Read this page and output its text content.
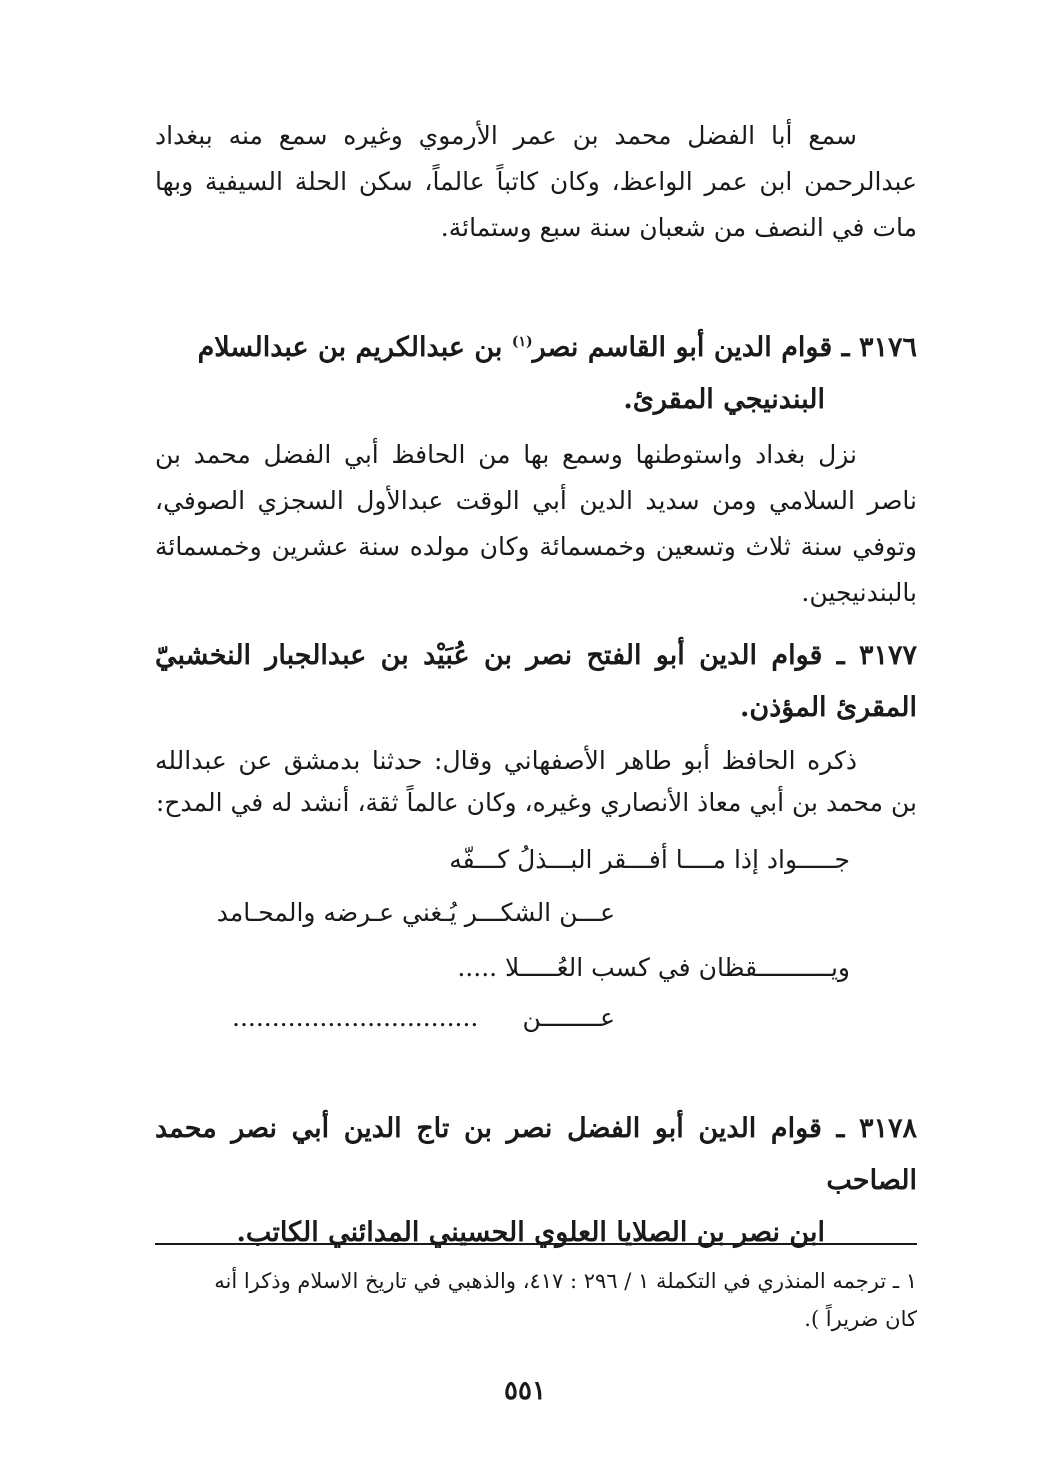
سمع أبا الفضل محمد بن عمر الأرموي وغيره سمع منه ببغداد عبدالرحمن ابن عمر الواعظ، وكان كاتباً عالماً، سكن الحلة السيفية وبها مات في النصف من شعبان سنة سبع وستمائة.

٣١٧٦ ـ قوام الدين أبو القاسم نصر$^{(١)}$ بن عبدالكريم بن عبدالسلام
البندنيجي المقرئ.

نزل بغداد واستوطنها وسمع بها من الحافظ أبي الفضل محمد بن ناصر السلامي ومن سديد الدين أبي الوقت عبدالأول السجزي الصوفي، وتوفي سنة ثلاث وتسعين وخمسمائة وكان مولده سنة عشرين وخمسمائة بالبندنيجين.

٣١٧٧ ـ قوام الدين أبو الفتح نصر بن عُبَيْد بن عبدالجبار النخشبيّ المقرئ المؤذن.

ذكره الحافظ أبو طاهر الأصفهاني وقال: حدثنا بدمشق عن عبدالله بن محمد بن أبي معاذ الأنصاري وغيره، وكان عالماً ثقة، أنشد له في المدح:

جـــــواد إذا مــــا أفـــقر البـــذلُ كـــفّه
عـــن الشكـــر يُـغني عـرضه والمحـامد
ويــــــــــقظان في كسب العُـــــلا .....
عــــــــن
...............................

٣١٧٨ ـ قوام الدين أبو الفضل نصر بن تاج الدين أبي نصر محمد الصاحب
ابن نصر بن الصلايا العلوي الحسيني المدائني الكاتب.

١ ـ ترجمه المنذري في التكملة ١ / ٢٩٦ : ٤١٧، والذهبي في تاريخ الاسلام وذكرا أنه
كان ضريراً ).
٥٥١
